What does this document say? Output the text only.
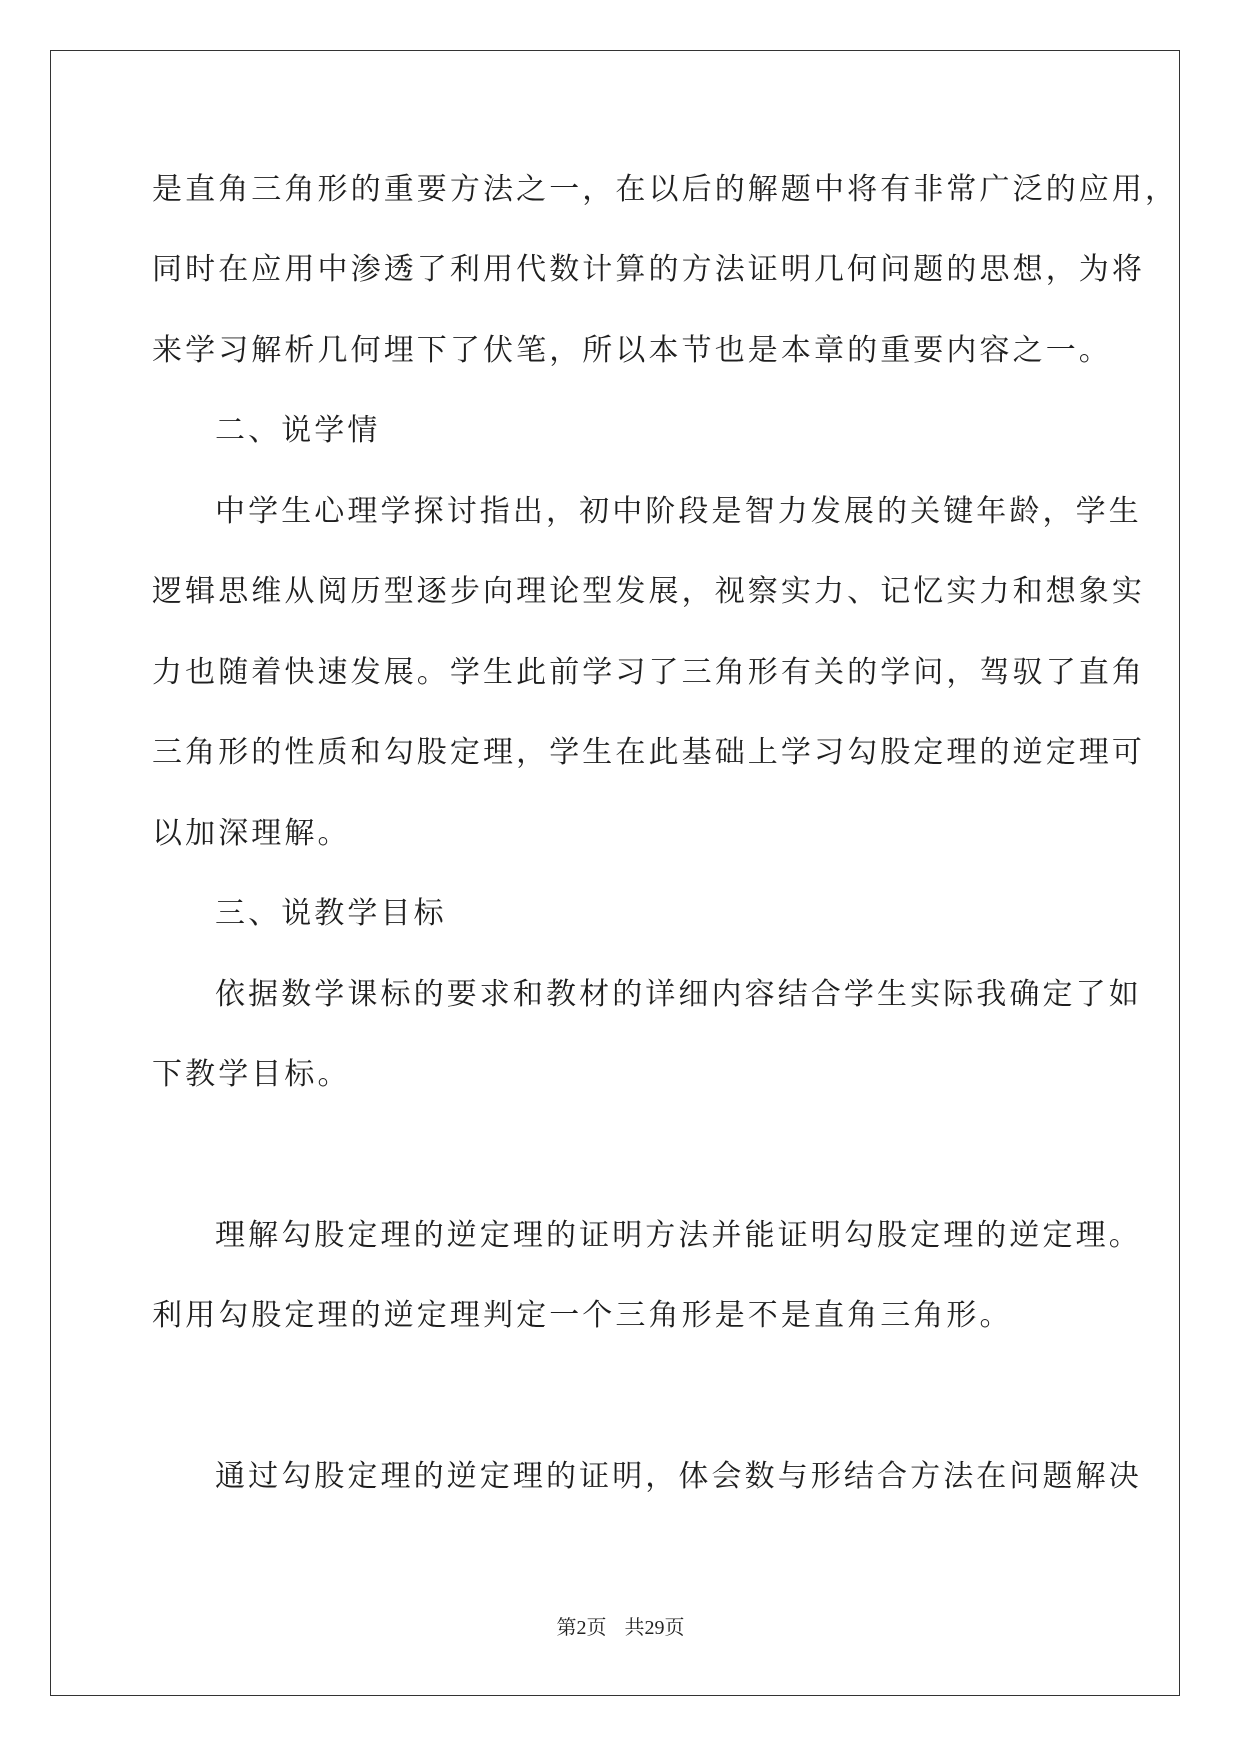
是直角三角形的重要方法之一，在以后的解题中将有非常广泛的应用，
同时在应用中渗透了利用代数计算的方法证明几何问题的思想，为将
来学习解析几何埋下了伏笔，所以本节也是本章的重要内容之一。
二、说学情
中学生心理学探讨指出，初中阶段是智力发展的关键年龄，学生
逻辑思维从阅历型逐步向理论型发展，视察实力、记忆实力和想象实
力也随着快速发展。学生此前学习了三角形有关的学问，驾驭了直角
三角形的性质和勾股定理，学生在此基础上学习勾股定理的逆定理可
以加深理解。
三、说教学目标
依据数学课标的要求和教材的详细内容结合学生实际我确定了如
下教学目标。
理解勾股定理的逆定理的证明方法并能证明勾股定理的逆定理。
利用勾股定理的逆定理判定一个三角形是不是直角三角形。
通过勾股定理的逆定理的证明，体会数与形结合方法在问题解决
第2页 共29页
